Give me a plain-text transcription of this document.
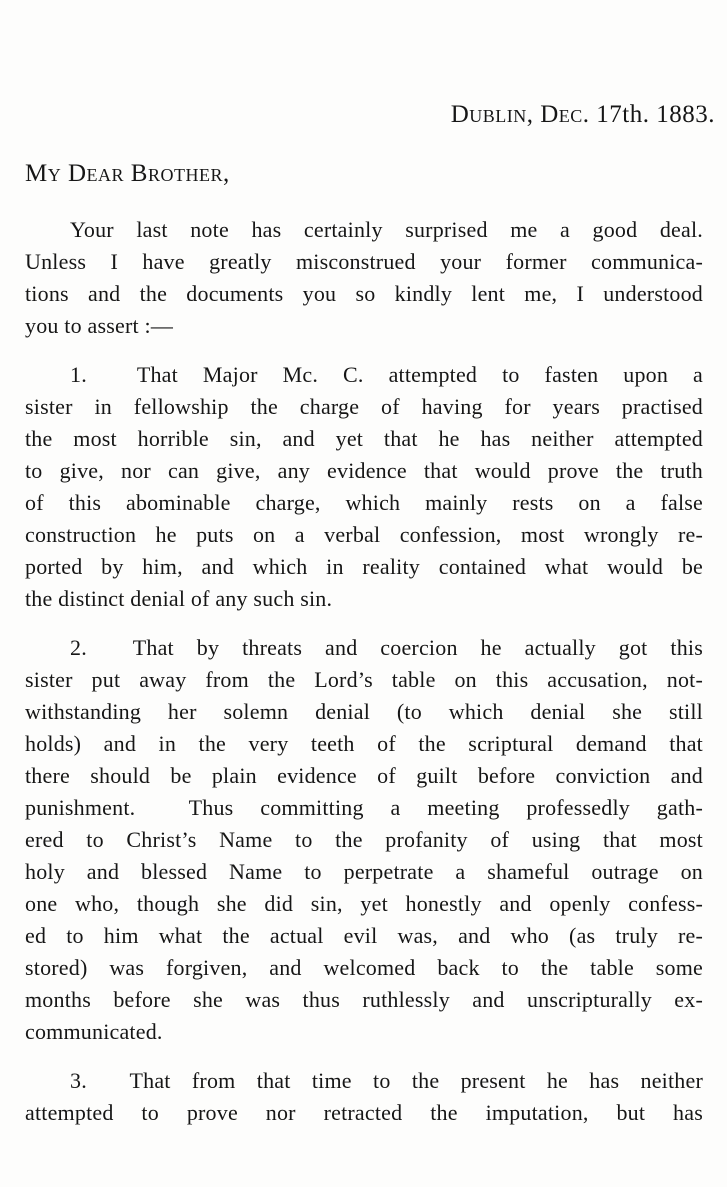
Dublin, Dec. 17th. 1883.
My Dear Brother,
Your last note has certainly surprised me a good deal.
Unless I have greatly misconstrued your former communica-
tions and the documents you so kindly lent me, I understood
you to assert :—
1.  That Major Mc. C. attempted to fasten upon a
sister in fellowship the charge of having for years practised
the most horrible sin, and yet that he has neither attempted
to give, nor can give, any evidence that would prove the truth
of this abominable charge, which mainly rests on a false
construction he puts on a verbal confession, most wrongly re-
ported by him, and which in reality contained what would be
the distinct denial of any such sin.
2.  That by threats and coercion he actually got this
sister put away from the Lord’s table on this accusation, not-
withstanding her solemn denial (to which denial she still
holds) and in the very teeth of the scriptural demand that
there should be plain evidence of guilt before conviction and
punishment.  Thus committing a meeting professedly gath-
ered to Christ’s Name to the profanity of using that most
holy and blessed Name to perpetrate a shameful outrage on
one who, though she did sin, yet honestly and openly confess-
ed to him what the actual evil was, and who (as truly re-
stored) was forgiven, and welcomed back to the table some
months before she was thus ruthlessly and unscripturally ex-
communicated.
3.  That from that time to the present he has neither
attempted to prove nor retracted the imputation, but has
